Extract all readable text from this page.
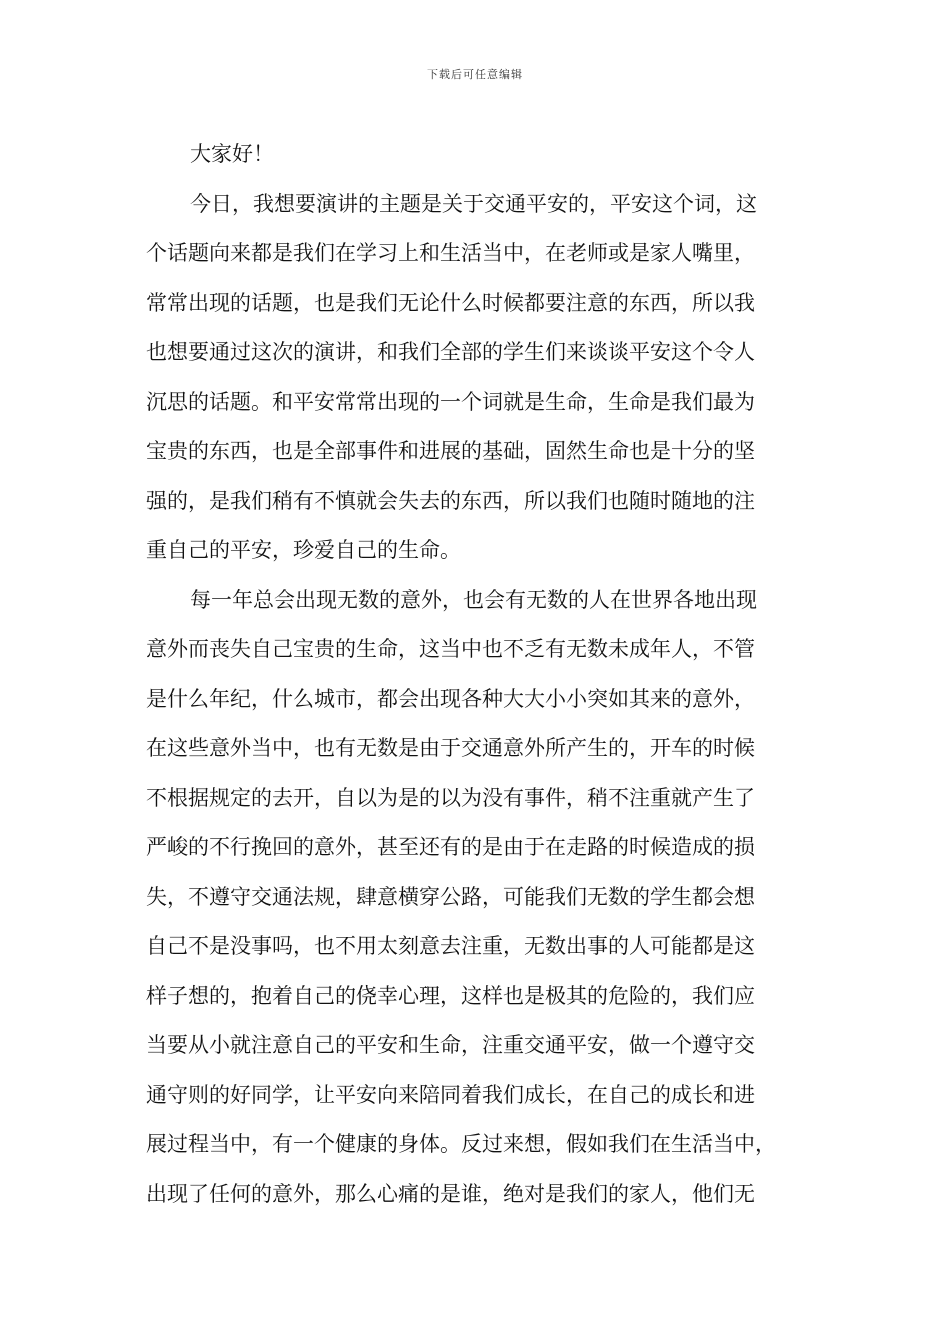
下载后可任意编辑
大家好！
今日，我想要演讲的主题是关于交通平安的，平安这个词，这
个话题向来都是我们在学习上和生活当中，在老师或是家人嘴里，
常常出现的话题，也是我们无论什么时候都要注意的东西，所以我
也想要通过这次的演讲，和我们全部的学生们来谈谈平安这个令人
沉思的话题。和平安常常出现的一个词就是生命，生命是我们最为
宝贵的东西，也是全部事件和进展的基础，固然生命也是十分的坚
强的，是我们稍有不慎就会失去的东西，所以我们也随时随地的注
重自己的平安，珍爱自己的生命。
每一年总会出现无数的意外，也会有无数的人在世界各地出现
意外而丧失自己宝贵的生命，这当中也不乏有无数未成年人，不管
是什么年纪，什么城市，都会出现各种大大小小突如其来的意外，
在这些意外当中，也有无数是由于交通意外所产生的，开车的时候
不根据规定的去开，自以为是的以为没有事件，稍不注重就产生了
严峻的不行挽回的意外，甚至还有的是由于在走路的时候造成的损
失，不遵守交通法规，肆意横穿公路，可能我们无数的学生都会想
自己不是没事吗，也不用太刻意去注重，无数出事的人可能都是这
样子想的，抱着自己的侥幸心理，这样也是极其的危险的，我们应
当要从小就注意自己的平安和生命，注重交通平安，做一个遵守交
通守则的好同学，让平安向来陪同着我们成长，在自己的成长和进
展过程当中，有一个健康的身体。反过来想，假如我们在生活当中，
出现了任何的意外，那么心痛的是谁，绝对是我们的家人，他们无
